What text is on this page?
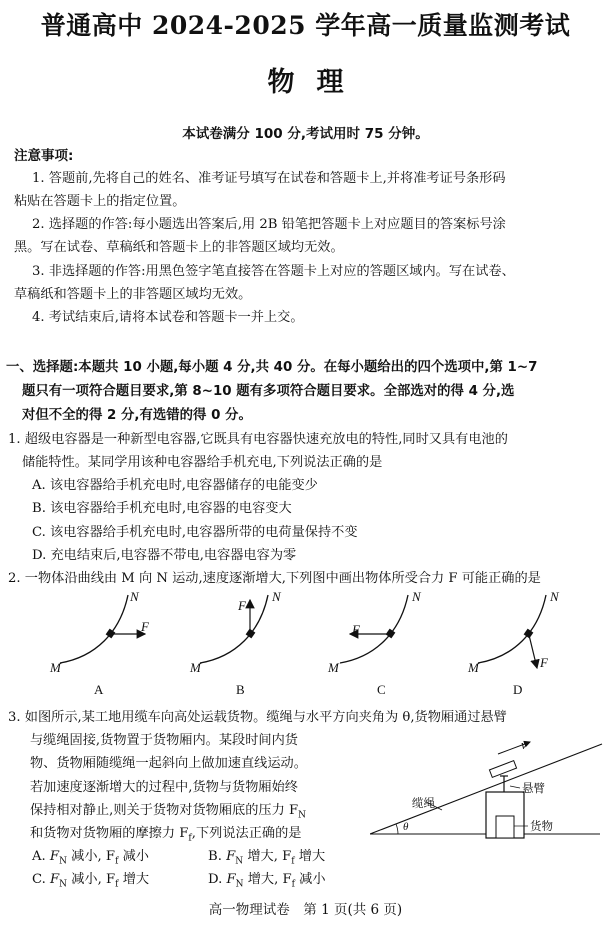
普通高中 2024-2025 学年高一质量监测考试
物理
本试卷满分 100 分,考试用时 75 分钟。
注意事项:
1. 答题前,先将自己的姓名、准考证号填写在试卷和答题卡上,并将准考证号条形码
粘贴在答题卡上的指定位置。
2. 选择题的作答:每小题选出答案后,用 2B 铅笔把答题卡上对应题目的答案标号涂
黑。写在试卷、草稿纸和答题卡上的非答题区域均无效。
3. 非选择题的作答:用黑色签字笔直接答在答题卡上对应的答题区域内。写在试卷、
草稿纸和答题卡上的非答题区域均无效。
4. 考试结束后,请将本试卷和答题卡一并上交。
一、选择题:本题共 10 小题,每小题 4 分,共 40 分。在每小题给出的四个选项中,第 1~7
题只有一项符合题目要求,第 8~10 题有多项符合题目要求。全部选对的得 4 分,选
对但不全的得 2 分,有选错的得 0 分。
1. 超级电容器是一种新型电容器,它既具有电容器快速充放电的特性,同时又具有电池的
储能特性。某同学用该种电容器给手机充电,下列说法正确的是
A. 该电容器给手机充电时,电容器储存的电能变少
B. 该电容器给手机充电时,电容器的电容变大
C. 该电容器给手机充电时,电容器所带的电荷量保持不变
D. 充电结束后,电容器不带电,电容器电容为零
2. 一物体沿曲线由 M 向 N 运动,速度逐渐增大,下列图中画出物体所受合力 F 可能正确的是
N
F
M
A
N
F
M
B
N
F
M
C
N
F
M
D
3. 如图所示,某工地用缆车向高处运载货物。缆绳与水平方向夹角为 θ,货物厢通过悬臂
与缆绳固接,货物置于货物厢内。某段时间内货
物、货物厢随缆绳一起斜向上做加速直线运动。
若加速度逐渐增大的过程中,货物与货物厢始终
保持相对静止,则关于货物对货物厢底的压力 $F_N$
和货物对货物厢的摩擦力 $F_f$,下列说法正确的是
A. $F_N$ 减小, $F_f$ 减小	B. $F_N$ 增大, $F_f$ 增大
C. $F_N$ 减小, $F_f$ 增大	D. $F_N$ 增大, $F_f$ 减小
v
悬臂
缆绳
货物
θ
高一物理试卷　第 1 页(共 6 页)
